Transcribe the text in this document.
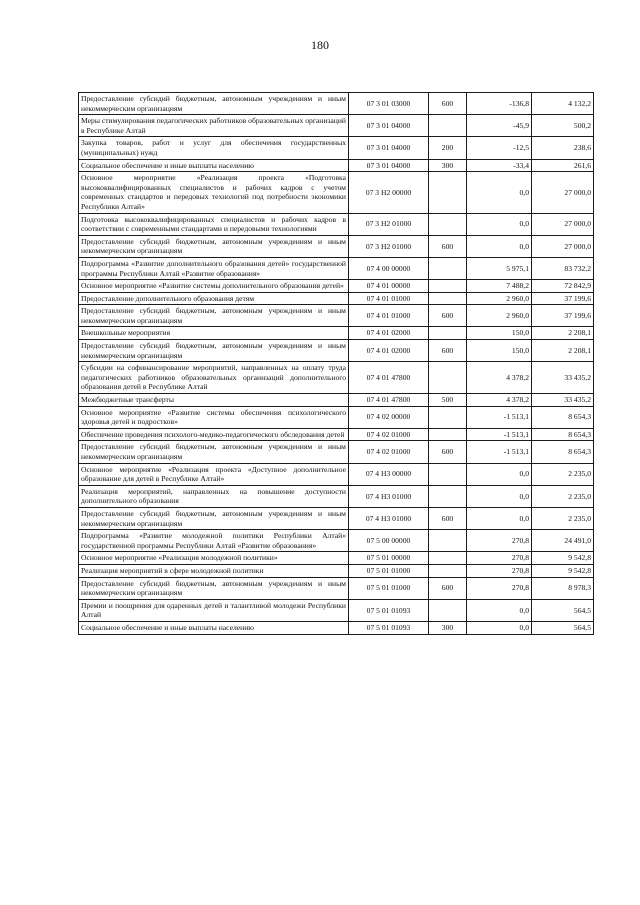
180
Предоставление субсидий бюджетным, автономным учреждениям и иным некоммерческим организациям	07 3 01 03000	600	-136,8	4 132,2
Меры стимулирования педагогических работников образовательных организаций в Республике Алтай	07 3 01 04000		-45,9	500,2
Закупка товаров, работ и услуг для обеспечения государственных (муниципальных) нужд	07 3 01 04000	200	-12,5	238,6
Социальное обеспечение и иные выплаты населению	07 3 01 04000	300	-33,4	261,6
Основное мероприятие «Реализация проекта «Подготовка высококвалифицированных специалистов и рабочих кадров с учетом современных стандартов и передовых технологий под потребности экономики Республики Алтай»	07 3 Н2 00000		0,0	27 000,0
Подготовка высококвалифицированных специалистов и рабочих кадров в соответствии с современными стандартами и передовыми технологиями	07 3 Н2 01000		0,0	27 000,0
Предоставление субсидий бюджетным, автономным учреждениям и иным некоммерческим организациям	07 3 Н2 01000	600	0,0	27 000,0
Подпрограмма «Развитие дополнительного образования детей» государственной программы Республики Алтай «Развитие образования»	07 4 00 00000		5 975,1	83 732,2
Основное мероприятие «Развитие системы дополнительного образования детей»	07 4 01 00000		7 488,2	72 842,9
Предоставление дополнительного образования детям	07 4 01 01000		2 960,0	37 199,6
Предоставление субсидий бюджетным, автономным учреждениям и иным некоммерческим организациям	07 4 01 01000	600	2 960,0	37 199,6
Внешкольные мероприятия	07 4 01 02000		150,0	2 208,1
Предоставление субсидий бюджетным, автономным учреждениям и иным некоммерческим организациям	07 4 01 02000	600	150,0	2 208,1
Субсидии на софинансирование мероприятий, направленных на оплату труда педагогических работников образовательных организаций дополнительного образования детей в Республике Алтай	07 4 01 47800		4 378,2	33 435,2
Межбюджетные трансферты	07 4 01 47800	500	4 378,2	33 435,2
Основное мероприятие «Развитие системы обеспечения психологического здоровья детей и подростков»	07 4 02 00000		-1 513,1	8 654,3
Обеспечение проведения психолого-медико-педагогического обследования детей	07 4 02 01000		-1 513,1	8 654,3
Предоставление субсидий бюджетным, автономным учреждениям и иным некоммерческим организациям	07 4 02 01000	600	-1 513,1	8 654,3
Основное мероприятие «Реализация проекта «Доступное дополнительное образование для детей в Республике Алтай»	07 4 Н3 00000		0,0	2 235,0
Реализация мероприятий, направленных на повышение доступности дополнительного образования	07 4 Н3 01000		0,0	2 235,0
Предоставление субсидий бюджетным, автономным учреждениям и иным некоммерческим организациям	07 4 Н3 01000	600	0,0	2 235,0
Подпрограмма «Развитие молодежной политики Республики Алтай» государственной программы Республики Алтай «Развитие образования»	07 5 00 00000		270,8	24 491,0
Основное мероприятие «Реализация молодежной политики»	07 5 01 00000		270,8	9 542,8
Реализация мероприятий в сфере молодежной политики	07 5 01 01000		270,8	9 542,8
Предоставление субсидий бюджетным, автономным учреждениям и иным некоммерческим организациям	07 5 01 01000	600	270,8	8 978,3
Премии и поощрения для одаренных детей и талантливой молодежи Республики Алтай	07 5 01 01093		0,0	564,5
Социальное обеспечение и иные выплаты населению	07 5 01 01093	300	0,0	564,5
